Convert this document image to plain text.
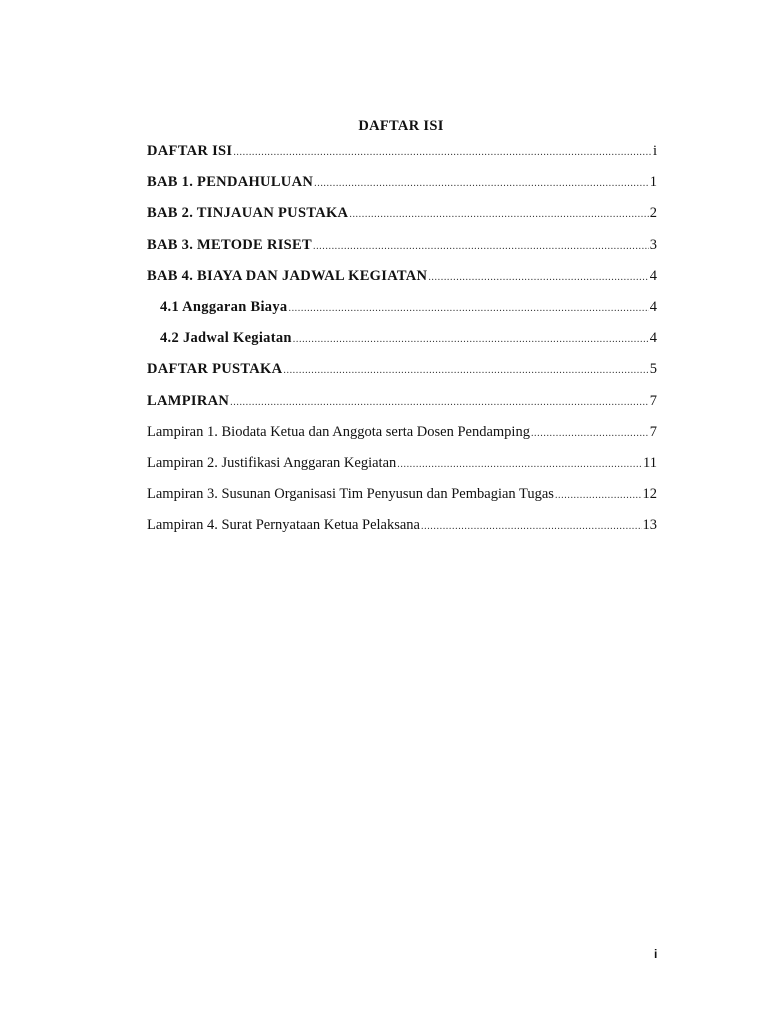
DAFTAR ISI
DAFTAR ISI .....	i
BAB 1. PENDAHULUAN .....	1
BAB 2. TINJAUAN PUSTAKA .....	2
BAB 3. METODE RISET .....	3
BAB 4. BIAYA DAN JADWAL KEGIATAN .....	4
4.1 Anggaran Biaya .....	4
4.2 Jadwal Kegiatan .....	4
DAFTAR PUSTAKA .....	5
LAMPIRAN .....	7
Lampiran 1. Biodata Ketua dan Anggota serta Dosen Pendamping .....	7
Lampiran 2. Justifikasi Anggaran Kegiatan .....	11
Lampiran 3. Susunan Organisasi Tim Penyusun dan Pembagian Tugas .....	12
Lampiran 4. Surat Pernyataan Ketua Pelaksana .....	13
i
